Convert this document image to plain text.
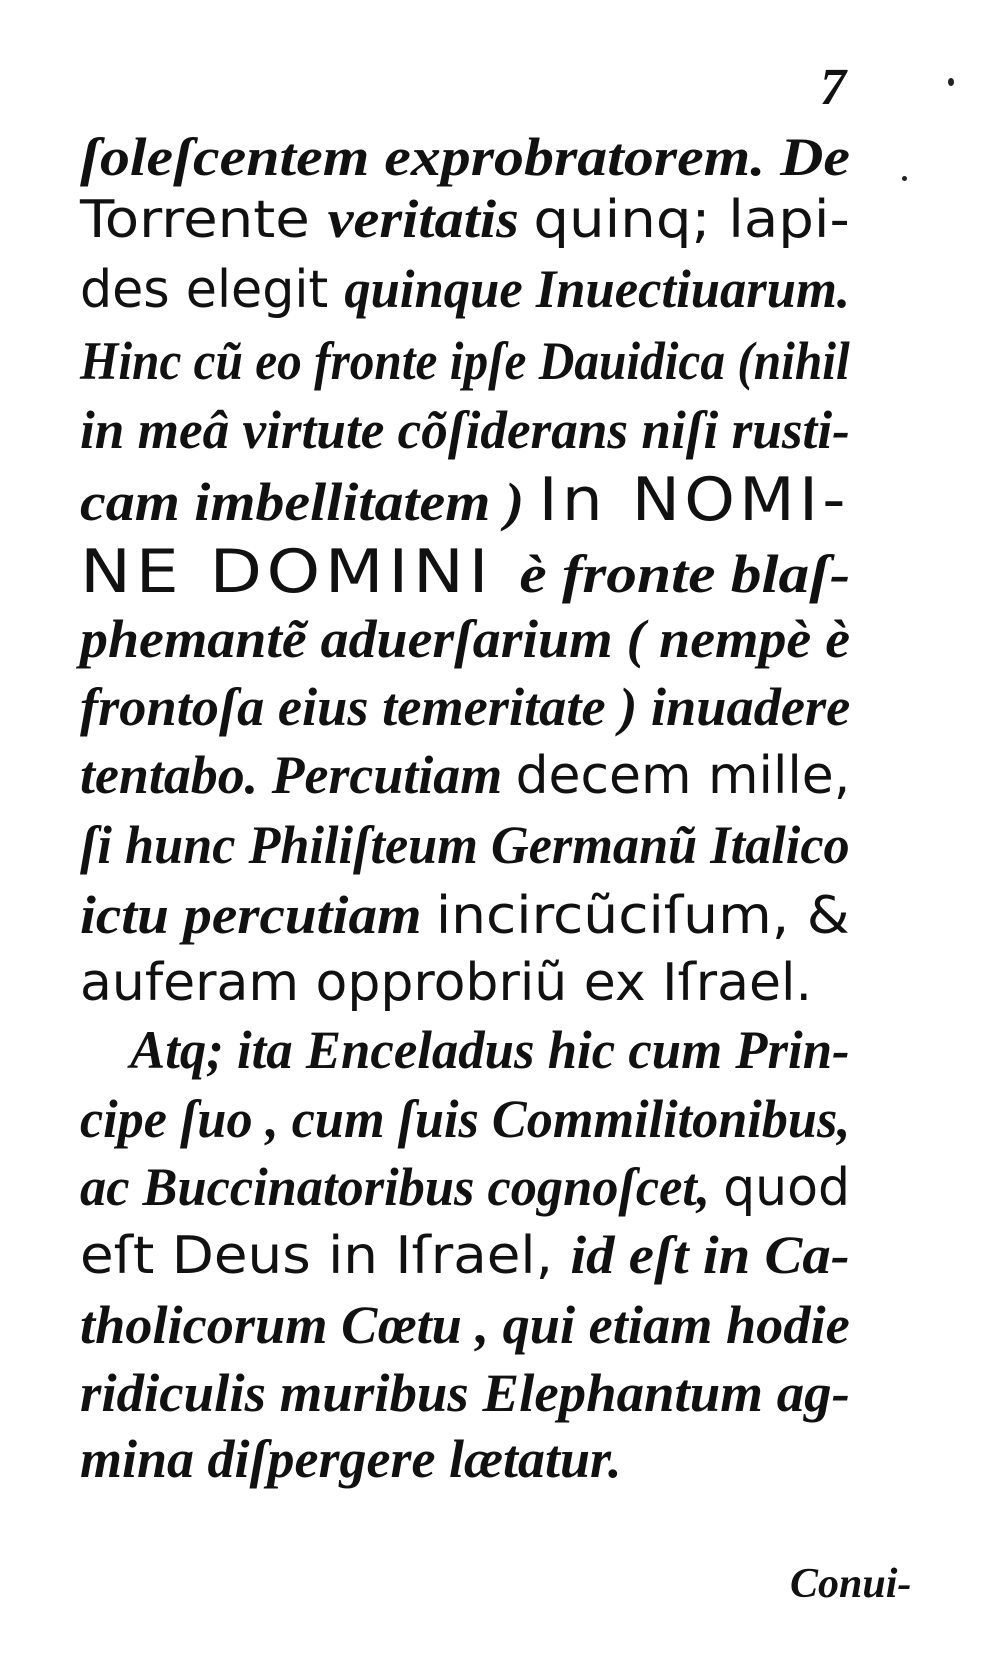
7
ſoleſcentem exprobratorem. De
Torrente veritatis quinq; lapi-
des elegit quinque Inuectiuarum.
Hinc cũ eo fronte ipſe Dauidica (nihil
in meâ virtute cõſiderans niſi rusti-
cam imbellitatem ) In NOMI-
NE DOMINI è fronte blaſ-
phemantẽ aduerſarium ( nempè è
frontoſa eius temeritate ) inuadere
tentabo. Percutiam decem mille,
ſi hunc Philiſteum Germanũ Italico
ictu percutiam incircũciſum, &
auferam opprobriũ ex Iſrael.
Atq; ita Enceladus hic cum Prin-
cipe ſuo , cum ſuis Commilitonibus,
ac Buccinatoribus cognoſcet, quod
eſt Deus in Iſrael, id eſt in Ca-
tholicorum Cœtu , qui etiam hodie
ridiculis muribus Elephantum ag-
mina diſpergere lætatur.
Conui-
